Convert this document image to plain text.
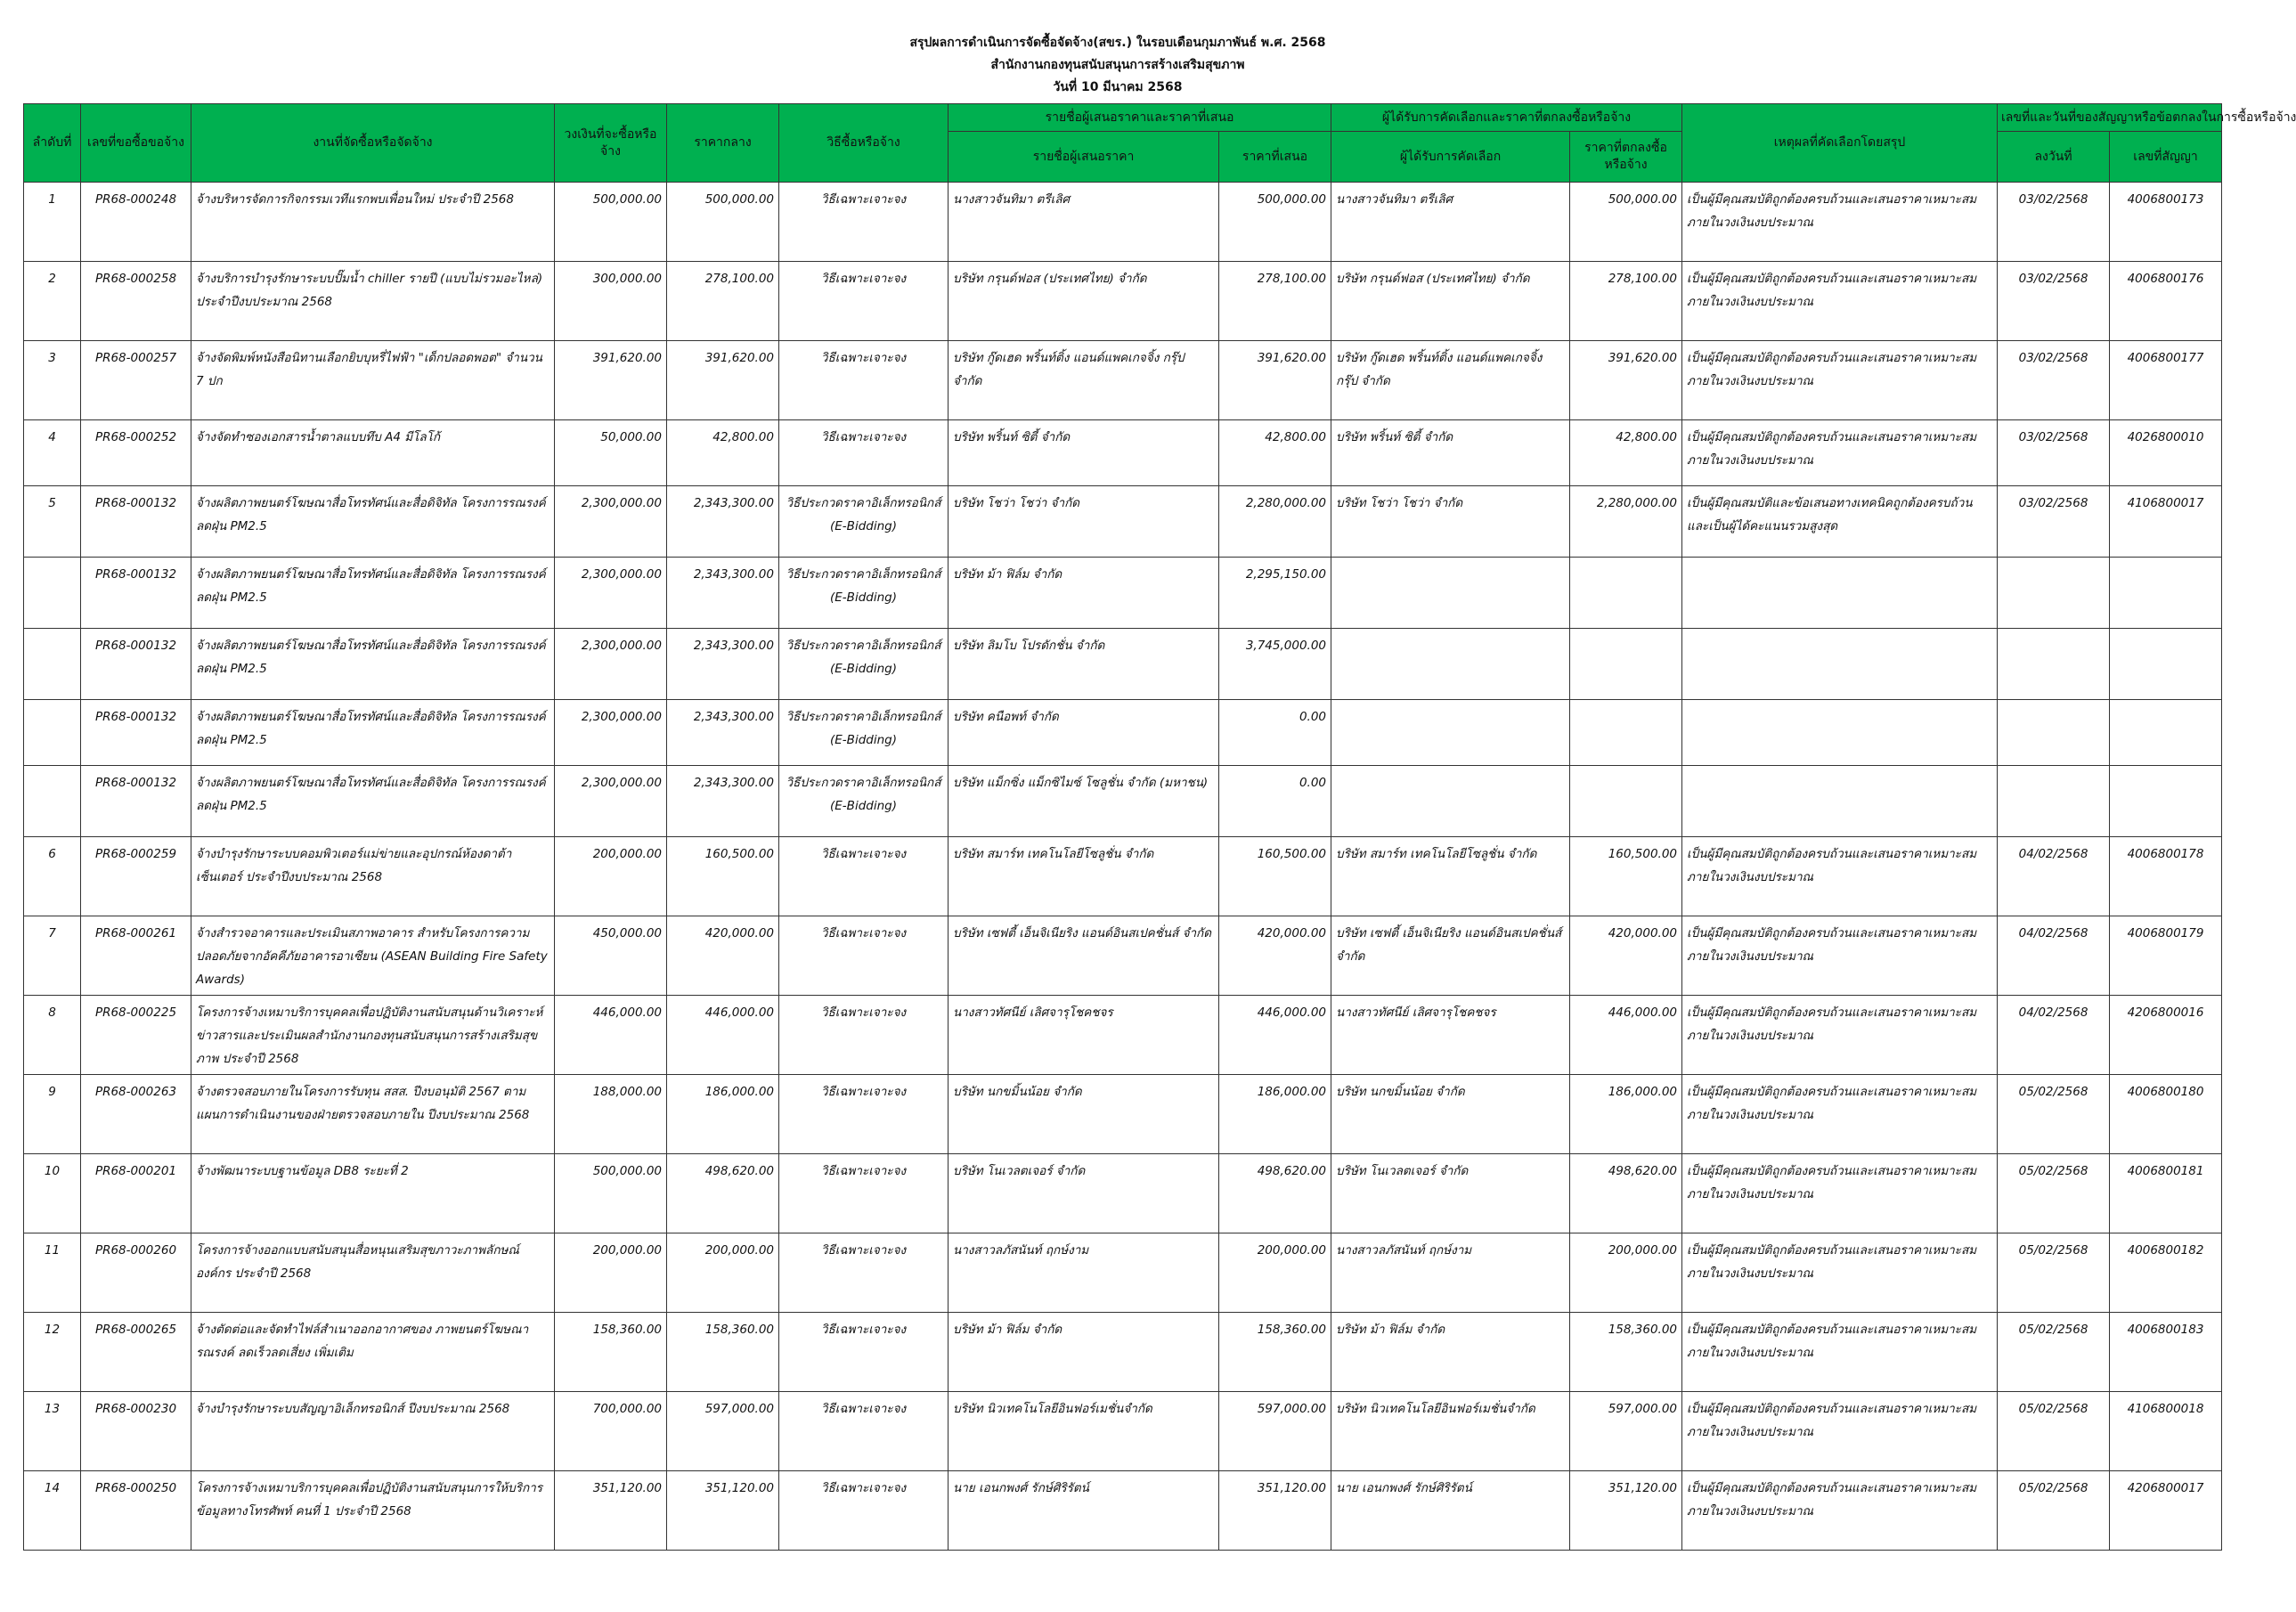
สรุปผลการดำเนินการจัดซื้อจัดจ้าง(สขร.) ในรอบเดือนกุมภาพันธ์ พ.ศ. 2568
สำนักงานกองทุนสนับสนุนการสร้างเสริมสุขภาพ
วันที่ 10 มีนาคม 2568
ลำดับที่	เลขที่ขอซื้อขอจ้าง	งานที่จัดซื้อหรือจัดจ้าง	วงเงินที่จะซื้อหรือจ้าง	ราคากลาง	วิธีซื้อหรือจ้าง	รายชื่อผู้เสนอราคาและราคาที่เสนอ		ผู้ได้รับการคัดเลือกและราคาที่ตกลงซื้อหรือจ้าง		เหตุผลที่คัดเลือกโดยสรุป	เลขที่และวันที่ของสัญญาหรือข้อตกลงในการซื้อหรือจ้าง	
						รายชื่อผู้เสนอราคา	ราคาที่เสนอ	ผู้ได้รับการคัดเลือก	ราคาที่ตกลงซื้อหรือจ้าง		ลงวันที่	เลขที่สัญญา
1	PR68-000248	จ้างบริหารจัดการกิจกรรมเวทีแรกพบเพื่อนใหม่ ประจำปี 2568	500,000.00	500,000.00	วิธีเฉพาะเจาะจง	นางสาวจันทิมา ตรีเลิศ	500,000.00	นางสาวจันทิมา ตรีเลิศ	500,000.00	เป็นผู้มีคุณสมบัติถูกต้องครบถ้วนและเสนอราคาเหมาะสมภายในวงเงินงบประมาณ	03/02/2568	4006800173
2	PR68-000258	จ้างบริการบำรุงรักษาระบบปั๊มน้ำ chiller รายปี (แบบไม่รวมอะไหล่) ประจำปีงบประมาณ 2568	300,000.00	278,100.00	วิธีเฉพาะเจาะจง	บริษัท กรุนด์ฟอส (ประเทศไทย) จำกัด	278,100.00	บริษัท กรุนด์ฟอส (ประเทศไทย) จำกัด	278,100.00	เป็นผู้มีคุณสมบัติถูกต้องครบถ้วนและเสนอราคาเหมาะสมภายในวงเงินงบประมาณ	03/02/2568	4006800176
3	PR68-000257	จ้างจัดพิมพ์หนังสือนิทานเลือกยิบบุหรี่ไฟฟ้า "เด็กปลอดพอต" จำนวน 7 ปก	391,620.00	391,620.00	วิธีเฉพาะเจาะจง	บริษัท กู๊ดเฮด พริ้นท์ติ้ง แอนด์แพคเกจจิ้ง กรุ๊ป จำกัด	391,620.00	บริษัท กู๊ดเฮด พริ้นท์ติ้ง แอนด์แพคเกจจิ้ง กรุ๊ป จำกัด	391,620.00	เป็นผู้มีคุณสมบัติถูกต้องครบถ้วนและเสนอราคาเหมาะสมภายในวงเงินงบประมาณ	03/02/2568	4006800177
4	PR68-000252	จ้างจัดทำซองเอกสารน้ำตาลแบบทึบ A4 มีโลโก้	50,000.00	42,800.00	วิธีเฉพาะเจาะจง	บริษัท พริ้นท์ ซิตี้ จำกัด	42,800.00	บริษัท พริ้นท์ ซิตี้ จำกัด	42,800.00	เป็นผู้มีคุณสมบัติถูกต้องครบถ้วนและเสนอราคาเหมาะสมภายในวงเงินงบประมาณ	03/02/2568	4026800010
5	PR68-000132	จ้างผลิตภาพยนตร์โฆษณาสื่อโทรทัศน์และสื่อดิจิทัล โครงการรณรงค์ลดฝุ่น PM2.5	2,300,000.00	2,343,300.00	วิธีประกวดราคาอิเล็กทรอนิกส์ (E-Bidding)	บริษัท โชว่า โชว่า จำกัด	2,280,000.00	บริษัท โชว่า โชว่า จำกัด	2,280,000.00	เป็นผู้มีคุณสมบัติและข้อเสนอทางเทคนิคถูกต้องครบถ้วนและเป็นผู้ได้คะแนนรวมสูงสุด	03/02/2568	4106800017
	PR68-000132	จ้างผลิตภาพยนตร์โฆษณาสื่อโทรทัศน์และสื่อดิจิทัล โครงการรณรงค์ลดฝุ่น PM2.5	2,300,000.00	2,343,300.00	วิธีประกวดราคาอิเล็กทรอนิกส์ (E-Bidding)	บริษัท ม้า ฟิล์ม จำกัด	2,295,150.00					
	PR68-000132	จ้างผลิตภาพยนตร์โฆษณาสื่อโทรทัศน์และสื่อดิจิทัล โครงการรณรงค์ลดฝุ่น PM2.5	2,300,000.00	2,343,300.00	วิธีประกวดราคาอิเล็กทรอนิกส์ (E-Bidding)	บริษัท ลิมโบ โปรดักชั่น จำกัด	3,745,000.00					
	PR68-000132	จ้างผลิตภาพยนตร์โฆษณาสื่อโทรทัศน์และสื่อดิจิทัล โครงการรณรงค์ลดฝุ่น PM2.5	2,300,000.00	2,343,300.00	วิธีประกวดราคาอิเล็กทรอนิกส์ (E-Bidding)	บริษัท คนือพท์ จำกัด	0.00					
	PR68-000132	จ้างผลิตภาพยนตร์โฆษณาสื่อโทรทัศน์และสื่อดิจิทัล โครงการรณรงค์ลดฝุ่น PM2.5	2,300,000.00	2,343,300.00	วิธีประกวดราคาอิเล็กทรอนิกส์ (E-Bidding)	บริษัท แม็กซิ่ง แม็กซิไมซ์ โซลูชั่น จำกัด (มหาชน)	0.00					
6	PR68-000259	จ้างบำรุงรักษาระบบคอมพิวเตอร์แม่ข่ายและอุปกรณ์ห้องดาต้าเซ็นเตอร์ ประจำปีงบประมาณ 2568	200,000.00	160,500.00	วิธีเฉพาะเจาะจง	บริษัท สมาร์ท เทคโนโลยีโซลูชั่น จำกัด	160,500.00	บริษัท สมาร์ท เทคโนโลยีโซลูชั่น จำกัด	160,500.00	เป็นผู้มีคุณสมบัติถูกต้องครบถ้วนและเสนอราคาเหมาะสมภายในวงเงินงบประมาณ	04/02/2568	4006800178
7	PR68-000261	จ้างสำรวจอาคารและประเมินสภาพอาคาร สำหรับโครงการความปลอดภัยจากอัคคีภัยอาคารอาเซียน (ASEAN Building Fire Safety Awards)	450,000.00	420,000.00	วิธีเฉพาะเจาะจง	บริษัท เซฟตี้ เอ็นจิเนียริง แอนด์อินสเปคชั่นส์ จำกัด	420,000.00	บริษัท เซฟตี้ เอ็นจิเนียริง แอนด์อินสเปคชั่นส์ จำกัด	420,000.00	เป็นผู้มีคุณสมบัติถูกต้องครบถ้วนและเสนอราคาเหมาะสมภายในวงเงินงบประมาณ	04/02/2568	4006800179
8	PR68-000225	โครงการจ้างเหมาบริการบุคคลเพื่อปฏิบัติงานสนับสนุนด้านวิเคราะห์ข่าวสารและประเมินผลสำนักงานกองทุนสนับสนุนการสร้างเสริมสุขภาพ ประจำปี 2568	446,000.00	446,000.00	วิธีเฉพาะเจาะจง	นางสาวทัศนีย์ เลิศจารุโชคชจร	446,000.00	นางสาวทัศนีย์ เลิศจารุโชคชจร	446,000.00	เป็นผู้มีคุณสมบัติถูกต้องครบถ้วนและเสนอราคาเหมาะสมภายในวงเงินงบประมาณ	04/02/2568	4206800016
9	PR68-000263	จ้างตรวจสอบภายในโครงการรับทุน สสส. ปีงบอนุมัติ 2567 ตามแผนการดำเนินงานของฝ่ายตรวจสอบภายใน ปีงบประมาณ 2568	188,000.00	186,000.00	วิธีเฉพาะเจาะจง	บริษัท นกขมิ้นน้อย จำกัด	186,000.00	บริษัท นกขมิ้นน้อย จำกัด	186,000.00	เป็นผู้มีคุณสมบัติถูกต้องครบถ้วนและเสนอราคาเหมาะสมภายในวงเงินงบประมาณ	05/02/2568	4006800180
10	PR68-000201	จ้างพัฒนาระบบฐานข้อมูล DB8 ระยะที่ 2	500,000.00	498,620.00	วิธีเฉพาะเจาะจง	บริษัท โนเวลตเจอร์ จำกัด	498,620.00	บริษัท โนเวลตเจอร์ จำกัด	498,620.00	เป็นผู้มีคุณสมบัติถูกต้องครบถ้วนและเสนอราคาเหมาะสมภายในวงเงินงบประมาณ	05/02/2568	4006800181
11	PR68-000260	โครงการจ้างออกแบบสนับสนุนสื่อหนุนเสริมสุขภาวะภาพลักษณ์องค์กร ประจำปี 2568	200,000.00	200,000.00	วิธีเฉพาะเจาะจง	นางสาวลภัสนันท์ ฤกษ์งาม	200,000.00	นางสาวลภัสนันท์ ฤกษ์งาม	200,000.00	เป็นผู้มีคุณสมบัติถูกต้องครบถ้วนและเสนอราคาเหมาะสมภายในวงเงินงบประมาณ	05/02/2568	4006800182
12	PR68-000265	จ้างตัดต่อและจัดทำไฟล์สำเนาออกอากาศของ ภาพยนตร์โฆษณารณรงค์ ลดเร็วลดเสี่ยง เพิ่มเติม	158,360.00	158,360.00	วิธีเฉพาะเจาะจง	บริษัท ม้า ฟิล์ม จำกัด	158,360.00	บริษัท ม้า ฟิล์ม จำกัด	158,360.00	เป็นผู้มีคุณสมบัติถูกต้องครบถ้วนและเสนอราคาเหมาะสมภายในวงเงินงบประมาณ	05/02/2568	4006800183
13	PR68-000230	จ้างบำรุงรักษาระบบสัญญาอิเล็กทรอนิกส์ ปีงบประมาณ 2568	700,000.00	597,000.00	วิธีเฉพาะเจาะจง	บริษัท นิวเทคโนโลยีอินฟอร์เมชั่นจำกัด	597,000.00	บริษัท นิวเทคโนโลยีอินฟอร์เมชั่นจำกัด	597,000.00	เป็นผู้มีคุณสมบัติถูกต้องครบถ้วนและเสนอราคาเหมาะสมภายในวงเงินงบประมาณ	05/02/2568	4106800018
14	PR68-000250	โครงการจ้างเหมาบริการบุคคลเพื่อปฏิบัติงานสนับสนุนการให้บริการข้อมูลทางโทรศัพท์ คนที่ 1 ประจำปี 2568	351,120.00	351,120.00	วิธีเฉพาะเจาะจง	นาย เอนกพงศ์ รักษ์ศิริรัตน์	351,120.00	นาย เอนกพงศ์ รักษ์ศิริรัตน์	351,120.00	เป็นผู้มีคุณสมบัติถูกต้องครบถ้วนและเสนอราคาเหมาะสมภายในวงเงินงบประมาณ	05/02/2568	4206800017
